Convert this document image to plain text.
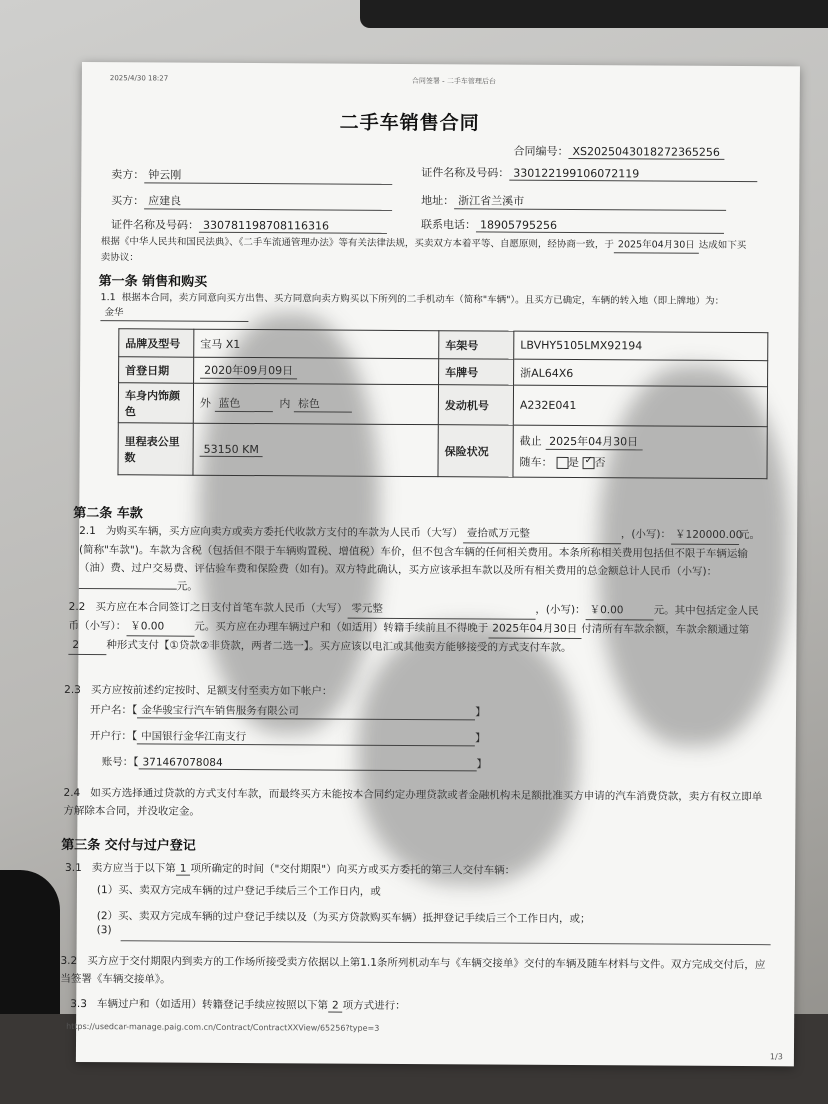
2025/4/30 18:27	合同签署 - 二手车管理后台
二手车销售合同
合同编号： XS2025043018272365256
卖方： 钟云刚	证件名称及号码： 330122199106072119
买方： 应建良	地址： 浙江省兰溪市
证件名称及号码： 330781198708116316	联系电话： 18905795256
根据《中华人民共和国民法典》、《二手车流通管理办法》等有关法律法规，买卖双方本着平等、自愿原则，经协商一致，于 2025年04月30日 达成如下买卖协议：
第一条 销售和购买
1.1 根据本合同，卖方同意向买方出售、买方同意向卖方购买以下所列的二手机动车（简称"车辆"）。且买方已确定，车辆的转入地（即上牌地）为：金华
品牌及型号	宝马 X1	车架号	LBVHY5105LMX92194
首登日期	2020年09月09日	车牌号	浙AL64X6
车身内饰颜色	外 蓝色 内 棕色	发动机号	A232E041
里程表公里数	53150 KM	保险状况	截止 2025年04月30日
随车： 是 ✓ 否
第二条 车款
2.1 为购买车辆，买方应向卖方或卖方委托代收款方支付的车款为人民币（大写） 壹拾贰万元整	，(小写)： ￥120000.00元。(简称"车款")。车款为含税（包括但不限于车辆购置税、增值税）车价，但不包含车辆的任何相关费用。本条所称相关费用包括但不限于车辆运输（油）费、过户交易费、评估验车费和保险费（如有)。双方特此确认，买方应该承担车款以及所有相关费用的总金额总计人民币（小写)：元。
2.2 买方应在本合同签订之日支付首笔车款人民币（大写） 零元整	，(小写)： ￥0.00	元。其中包括定金人民币（小写）： ￥0.00	元。买方应在办理车辆过户和（如适用）转籍手续前且不得晚于 2025年04月30日 付清所有车款余额，车款余额通过第2	种形式支付【①贷款②非贷款，两者二选一】。买方应该以电汇或其他卖方能够接受的方式支付车款。
2.3 买方应按前述约定按时、足额支付至卖方如下帐户：
开户名：【 金华骏宝行汽车销售服务有限公司	】
开户行：【 中国银行金华江南支行	】
账号：【 371467078084	】
2.4 如买方选择通过贷款的方式支付车款，而最终买方未能按本合同约定办理贷款或者金融机构未足额批准买方申请的汽车消费贷款，卖方有权立即单方解除本合同，并没收定金。
第三条 交付与过户登记
3.1 卖方应当于以下第 1 项所确定的时间（"交付期限"）向买方或买方委托的第三人交付车辆：
(1）买、卖双方完成车辆的过户登记手续后三个工作日内，或
(2）买、卖双方完成车辆的过户登记手续以及（为买方贷款购买车辆）抵押登记手续后三个工作日内，或；
(3)
3.2 买方应于交付期限内到卖方的工作场所接受卖方依据以上第1.1条所列机动车与《车辆交接单》交付的车辆及随车材料与文件。双方完成交付后，应当签署《车辆交接单》。
3.3 车辆过户和（如适用）转籍登记手续应按照以下第 2 项方式进行：
https://usedcar-manage.paig.com.cn/Contract/ContractXXView/65256?type=3
1/3
